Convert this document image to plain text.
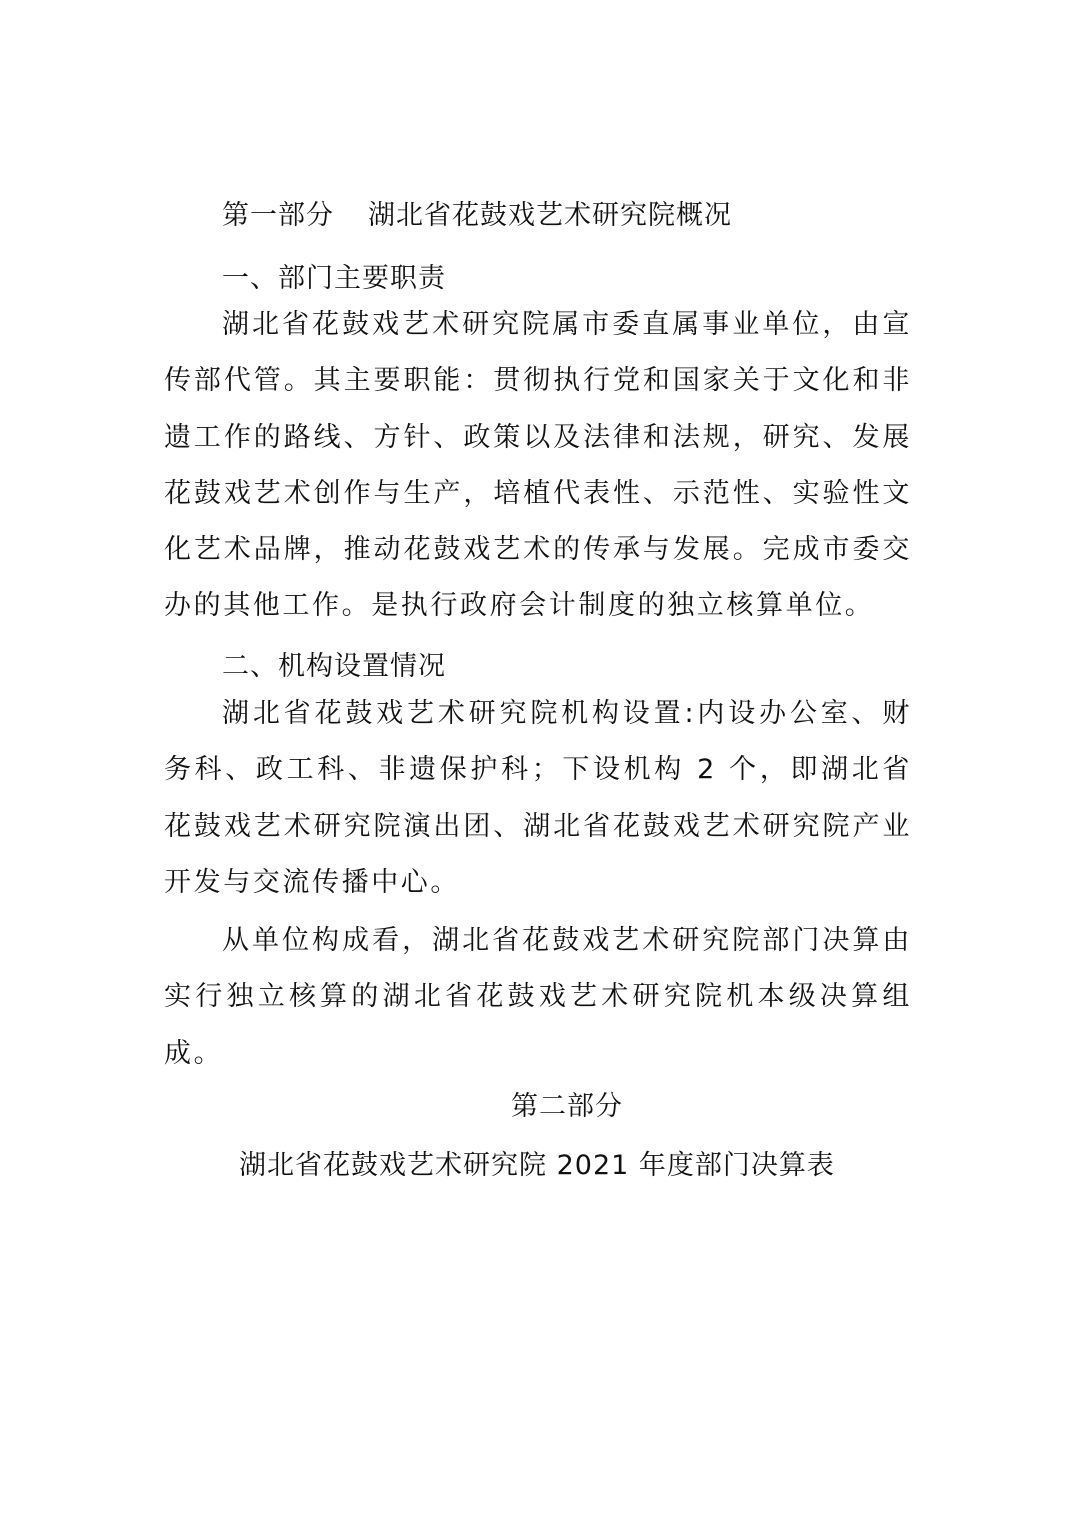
第一部分 湖北省花鼓戏艺术研究院概况
一、部门主要职责

湖北省花鼓戏艺术研究院属市委直属事业单位，由宣传部代管。其主要职能：贯彻执行党和国家关于文化和非遗工作的路线、方针、政策以及法律和法规，研究、发展花鼓戏艺术创作与生产，培植代表性、示范性、实验性文化艺术品牌，推动花鼓戏艺术的传承与发展。完成市委交办的其他工作。是执行政府会计制度的独立核算单位。

二、机构设置情况

湖北省花鼓戏艺术研究院机构设置:内设办公室、财务科、政工科、非遗保护科；下设机构 2 个，即湖北省花鼓戏艺术研究院演出团、湖北省花鼓戏艺术研究院产业开发与交流传播中心。

从单位构成看，湖北省花鼓戏艺术研究院部门决算由实行独立核算的湖北省花鼓戏艺术研究院机本级决算组成。

第二部分
湖北省花鼓戏艺术研究院 2021 年度部门决算表
